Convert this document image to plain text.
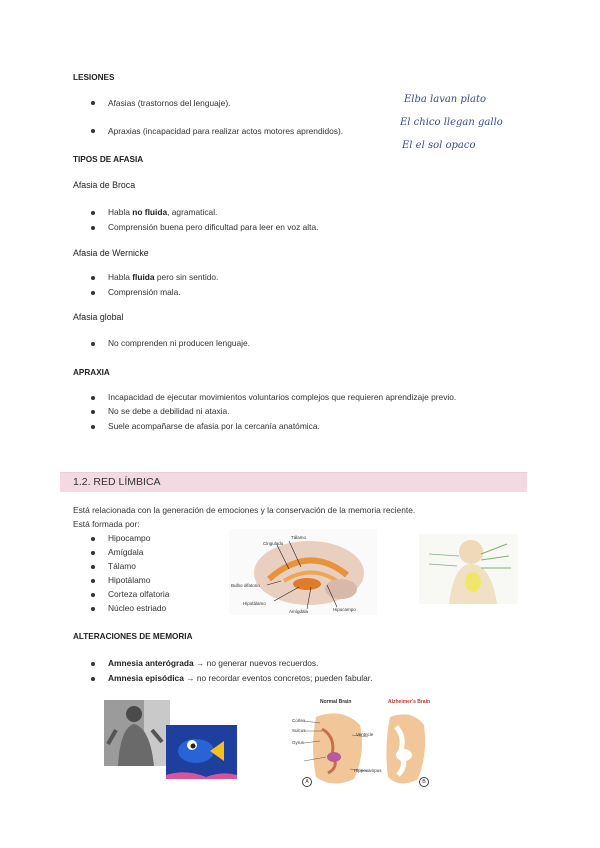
LESIONES
Afasias (trastornos del lenguaje).
Apraxias (incapacidad para realizar actos motores aprendidos).
Elba lavan plato
El chico llegan gallo
El el sol opaco
TIPOS DE AFASIA
Afasia de Broca
Habla no fluida, agramatical.
Comprensión buena pero dificultad para leer en voz alta.
Afasia de Wernicke
Habla fluida pero sin sentido.
Comprensión mala.
Afasia global
No comprenden ni producen lenguaje.
APRAXIA
Incapacidad de ejecutar movimientos voluntarios complejos que requieren aprendizaje previo.
No se debe a debilidad ni ataxia.
Suele acompañarse de afasia por la cercanía anatómica.
1.2. RED LÍMBICA
Está relacionada con la generación de emociones y la conservación de la memoria reciente.
Está formada por:
Hipocampo
Amígdala
Tálamo
Hipotálamo
Corteza olfatoria
Núcleo estriado
Tálamo
Cingulado
Bulbo olfatorio
Hipotálamo
Amígdala	Hipocampo
ALTERACIONES DE MEMORIA
Amnesia anterógrada → no generar nuevos recuerdos.
Amnesia episódica → no recordar eventos concretos; pueden fabular.
Normal Brain	Alzheimer's Brain
Cortex
Sulcus
Gyrus
Ventricle
Hippocampus
A	B
